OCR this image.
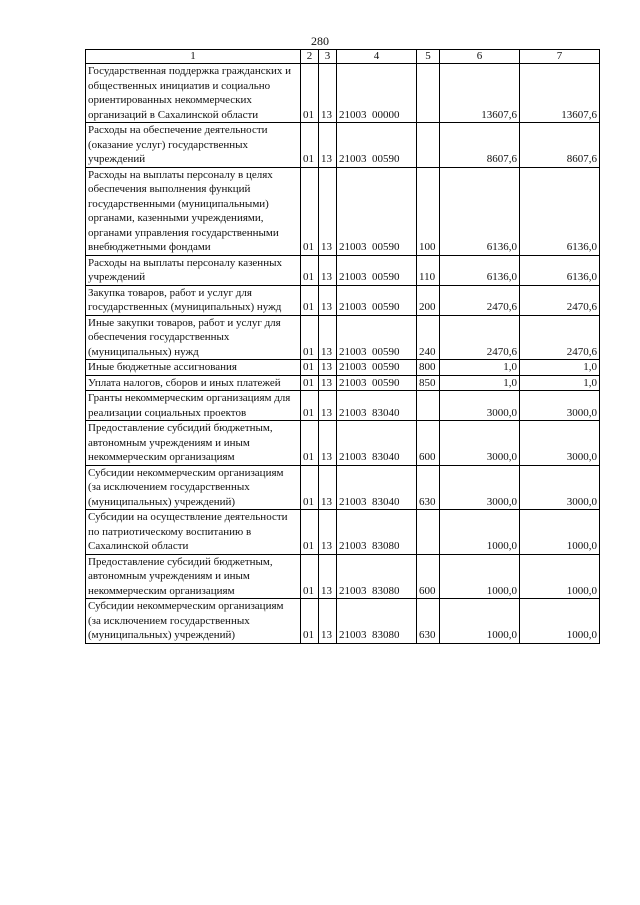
280
1	2	3	4	5	6	7
Государственная поддержка гражданских и общественных инициатив и социально ориентированных некоммерческих организаций в Сахалинской области	01	13	21003  00000		13607,6	13607,6
Расходы на обеспечение деятельности (оказание услуг) государственных учреждений	01	13	21003  00590		8607,6	8607,6
Расходы на выплаты персоналу в целях обеспечения выполнения функций государственными (муниципальными) органами, казенными учреждениями, органами управления государственными внебюджетными фондами	01	13	21003  00590	100	6136,0	6136,0
Расходы на выплаты персоналу казенных учреждений	01	13	21003  00590	110	6136,0	6136,0
Закупка товаров, работ и услуг для государственных (муниципальных) нужд	01	13	21003  00590	200	2470,6	2470,6
Иные закупки товаров, работ и услуг для обеспечения государственных (муниципальных) нужд	01	13	21003  00590	240	2470,6	2470,6
Иные бюджетные ассигнования	01	13	21003  00590	800	1,0	1,0
Уплата налогов, сборов и иных платежей	01	13	21003  00590	850	1,0	1,0
Гранты некоммерческим организациям для реализации социальных проектов	01	13	21003  83040		3000,0	3000,0
Предоставление субсидий бюджетным, автономным учреждениям и иным некоммерческим организациям	01	13	21003  83040	600	3000,0	3000,0
Субсидии некоммерческим организациям (за исключением государственных (муниципальных) учреждений)	01	13	21003  83040	630	3000,0	3000,0
Субсидии на осуществление деятельности по патриотическому воспитанию в Сахалинской области	01	13	21003  83080		1000,0	1000,0
Предоставление субсидий бюджетным, автономным учреждениям и иным некоммерческим организациям	01	13	21003  83080	600	1000,0	1000,0
Субсидии некоммерческим организациям (за исключением государственных (муниципальных) учреждений)	01	13	21003  83080	630	1000,0	1000,0
